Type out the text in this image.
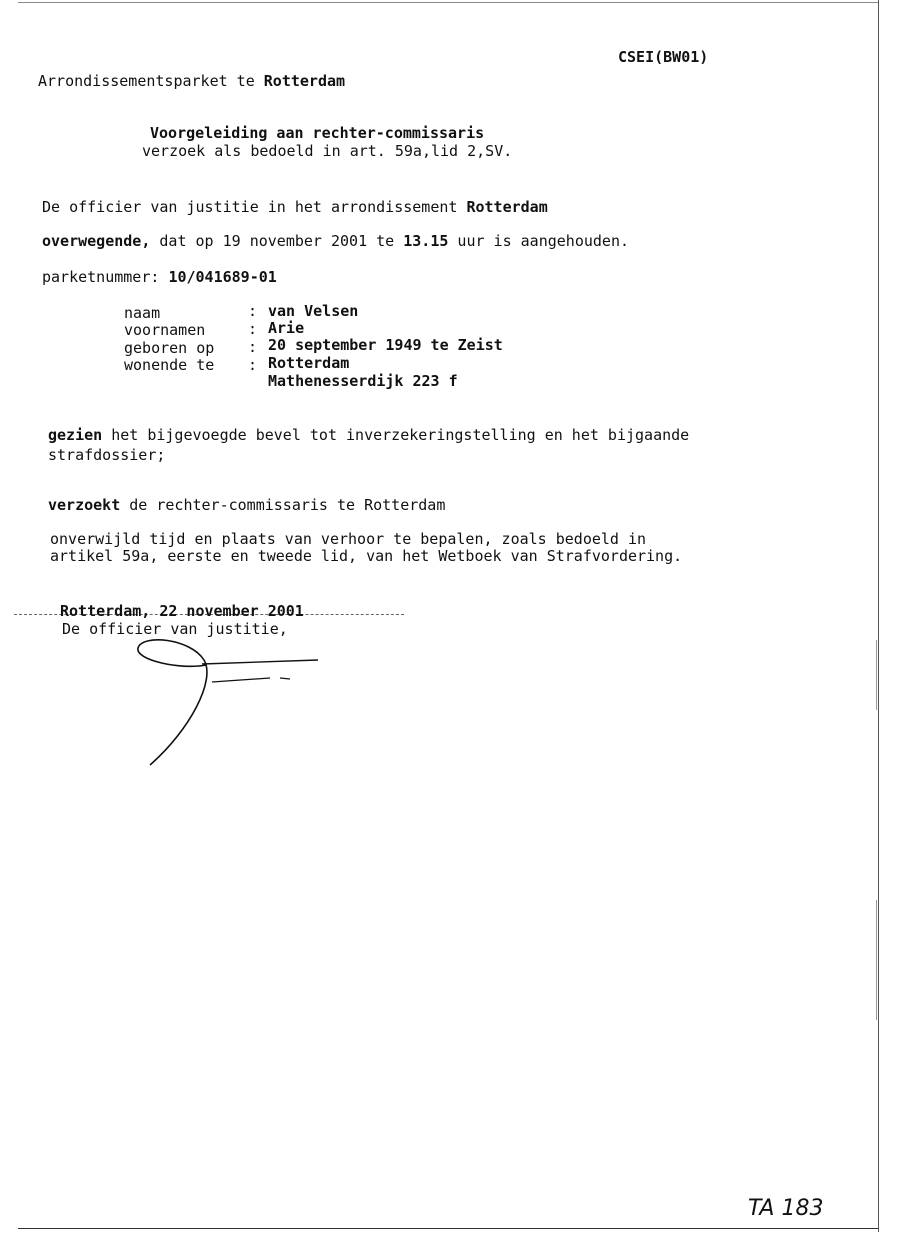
CSEI(BW01)
Arrondissementsparket te Rotterdam
Voorgeleiding aan rechter-commissaris
verzoek als bedoeld in art. 59a,lid 2,SV.
De officier van justitie in het arrondissement Rotterdam
overwegende, dat op 19 november 2001 te 13.15 uur is aangehouden.
parketnummer: 10/041689-01
naam	: van Velsen
voornamen	: Arie
geboren op : 20 september 1949 te Zeist
wonende te : Rotterdam
Mathenesserdijk 223 f
gezien het bijgevoegde bevel tot inverzekeringstelling en het bijgaande
strafdossier;
verzoekt de rechter-commissaris te Rotterdam
onverwijld tijd en plaats van verhoor te bepalen, zoals bedoeld in
artikel 59a, eerste en tweede lid, van het Wetboek van Strafvordering.
Rotterdam, 22 november 2001
De officier van justitie,
TA 183
